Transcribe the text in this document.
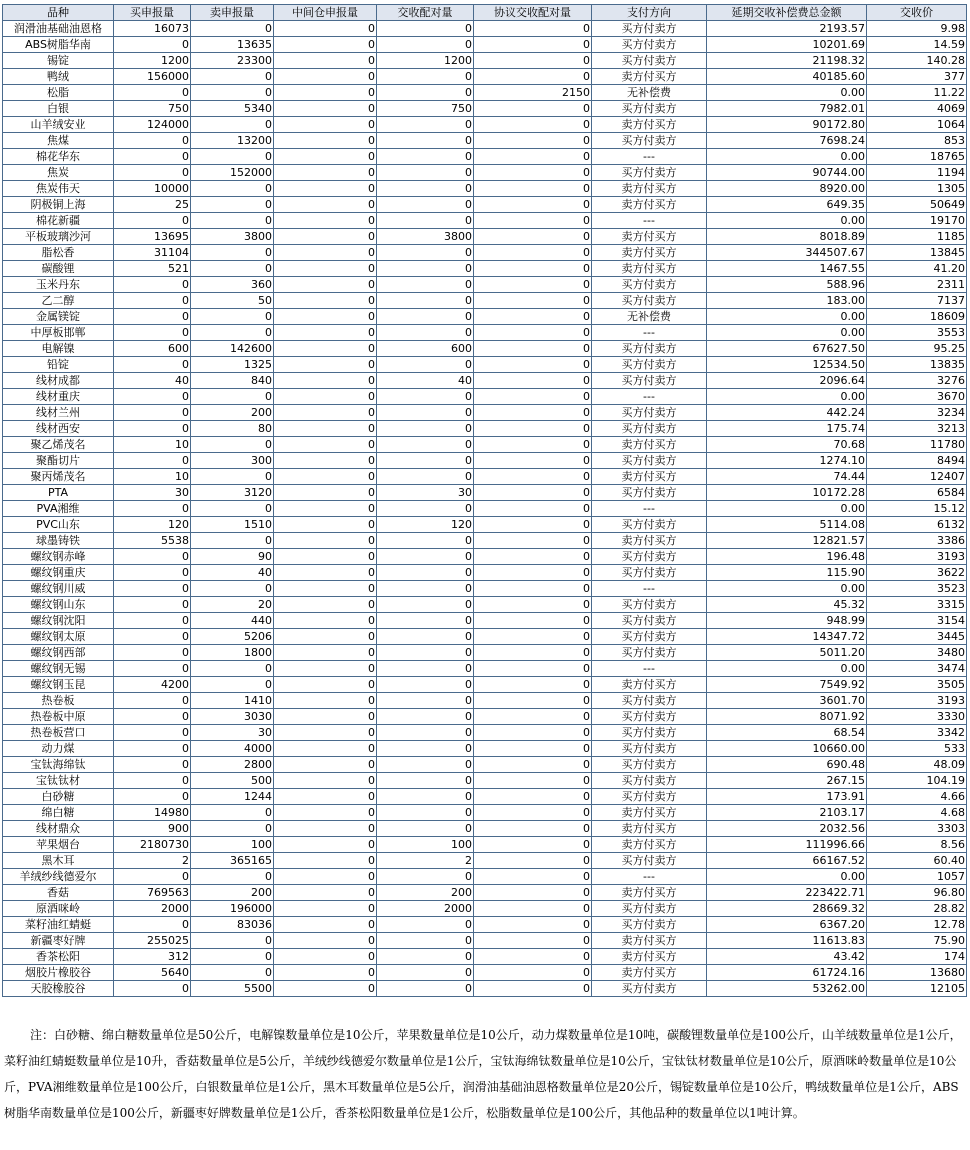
品种	买申报量	卖申报量	中间仓申报量	交收配对量	协议交收配对量	支付方向	延期交收补偿费总金额	交收价
润滑油基础油恩格	16073	0	0	0	0	买方付卖方	2193.57	9.98
ABS树脂华南	0	13635	0	0	0	买方付卖方	10201.69	14.59
锡锭	1200	23300	0	1200	0	买方付卖方	21198.32	140.28
鸭绒	156000	0	0	0	0	卖方付买方	40185.60	377
松脂	0	0	0	0	2150	无补偿费	0.00	11.22
白银	750	5340	0	750	0	买方付卖方	7982.01	4069
山羊绒安业	124000	0	0	0	0	卖方付买方	90172.80	1064
焦煤	0	13200	0	0	0	买方付卖方	7698.24	853
棉花华东	0	0	0	0	0	---	0.00	18765
焦炭	0	152000	0	0	0	买方付卖方	90744.00	1194
焦炭伟天	10000	0	0	0	0	卖方付买方	8920.00	1305
阴极铜上海	25	0	0	0	0	卖方付买方	649.35	50649
棉花新疆	0	0	0	0	0	---	0.00	19170
平板玻璃沙河	13695	3800	0	3800	0	卖方付买方	8018.89	1185
脂松香	31104	0	0	0	0	卖方付买方	344507.67	13845
碳酸锂	521	0	0	0	0	卖方付买方	1467.55	41.20
玉米丹东	0	360	0	0	0	买方付卖方	588.96	2311
乙二醇	0	50	0	0	0	买方付卖方	183.00	7137
金属镁锭	0	0	0	0	0	无补偿费	0.00	18609
中厚板邯郸	0	0	0	0	0	---	0.00	3553
电解镍	600	142600	0	600	0	买方付卖方	67627.50	95.25
铅锭	0	1325	0	0	0	买方付卖方	12534.50	13835
线材成都	40	840	0	40	0	买方付卖方	2096.64	3276
线材重庆	0	0	0	0	0	---	0.00	3670
线材兰州	0	200	0	0	0	买方付卖方	442.24	3234
线材西安	0	80	0	0	0	买方付卖方	175.74	3213
聚乙烯茂名	10	0	0	0	0	卖方付买方	70.68	11780
聚酯切片	0	300	0	0	0	买方付卖方	1274.10	8494
聚丙烯茂名	10	0	0	0	0	卖方付买方	74.44	12407
PTA	30	3120	0	30	0	买方付卖方	10172.28	6584
PVA湘维	0	0	0	0	0	---	0.00	15.12
PVC山东	120	1510	0	120	0	买方付卖方	5114.08	6132
球墨铸铁	5538	0	0	0	0	卖方付买方	12821.57	3386
螺纹钢赤峰	0	90	0	0	0	买方付卖方	196.48	3193
螺纹钢重庆	0	40	0	0	0	买方付卖方	115.90	3622
螺纹钢川威	0	0	0	0	0	---	0.00	3523
螺纹钢山东	0	20	0	0	0	买方付卖方	45.32	3315
螺纹钢沈阳	0	440	0	0	0	买方付卖方	948.99	3154
螺纹钢太原	0	5206	0	0	0	买方付卖方	14347.72	3445
螺纹钢西部	0	1800	0	0	0	买方付卖方	5011.20	3480
螺纹钢无锡	0	0	0	0	0	---	0.00	3474
螺纹钢玉昆	4200	0	0	0	0	卖方付买方	7549.92	3505
热卷板	0	1410	0	0	0	买方付卖方	3601.70	3193
热卷板中原	0	3030	0	0	0	买方付卖方	8071.92	3330
热卷板营口	0	30	0	0	0	买方付卖方	68.54	3342
动力煤	0	4000	0	0	0	买方付卖方	10660.00	533
宝钛海绵钛	0	2800	0	0	0	买方付卖方	690.48	48.09
宝钛钛材	0	500	0	0	0	买方付卖方	267.15	104.19
白砂糖	0	1244	0	0	0	买方付卖方	173.91	4.66
绵白糖	14980	0	0	0	0	卖方付买方	2103.17	4.68
线材鼎众	900	0	0	0	0	卖方付买方	2032.56	3303
苹果烟台	2180730	100	0	100	0	卖方付买方	111996.66	8.56
黑木耳	2	365165	0	2	0	买方付卖方	66167.52	60.40
羊绒纱线德爱尔	0	0	0	0	0	---	0.00	1057
香菇	769563	200	0	200	0	卖方付买方	223422.71	96.80
原酒咪岭	2000	196000	0	2000	0	买方付卖方	28669.32	28.82
菜籽油红蜻蜓	0	83036	0	0	0	买方付卖方	6367.20	12.78
新疆枣好牌	255025	0	0	0	0	卖方付买方	11613.83	75.90
香茶松阳	312	0	0	0	0	卖方付买方	43.42	174
烟胶片橡胶谷	5640	0	0	0	0	卖方付买方	61724.16	13680
天胶橡胶谷	0	5500	0	0	0	买方付卖方	53262.00	12105
注：白砂糖、绵白糖数量单位是50公斤，电解镍数量单位是10公斤，苹果数量单位是10公斤，动力煤数量单位是10吨，碳酸锂数量单位是100公斤，山羊绒数量单位是1公斤，菜籽油红蜻蜓数量单位是10升，香菇数量单位是5公斤，羊绒纱线德爱尔数量单位是1公斤，宝钛海绵钛数量单位是10公斤，宝钛钛材数量单位是10公斤，原酒咪岭数量单位是10公斤，PVA湘维数量单位是100公斤，白银数量单位是1公斤，黑木耳数量单位是5公斤，润滑油基础油恩格数量单位是20公斤，锡锭数量单位是10公斤，鸭绒数量单位是1公斤，ABS树脂华南数量单位是100公斤，新疆枣好牌数量单位是1公斤，香茶松阳数量单位是1公斤，松脂数量单位是100公斤，其他品种的数量单位以1吨计算。
